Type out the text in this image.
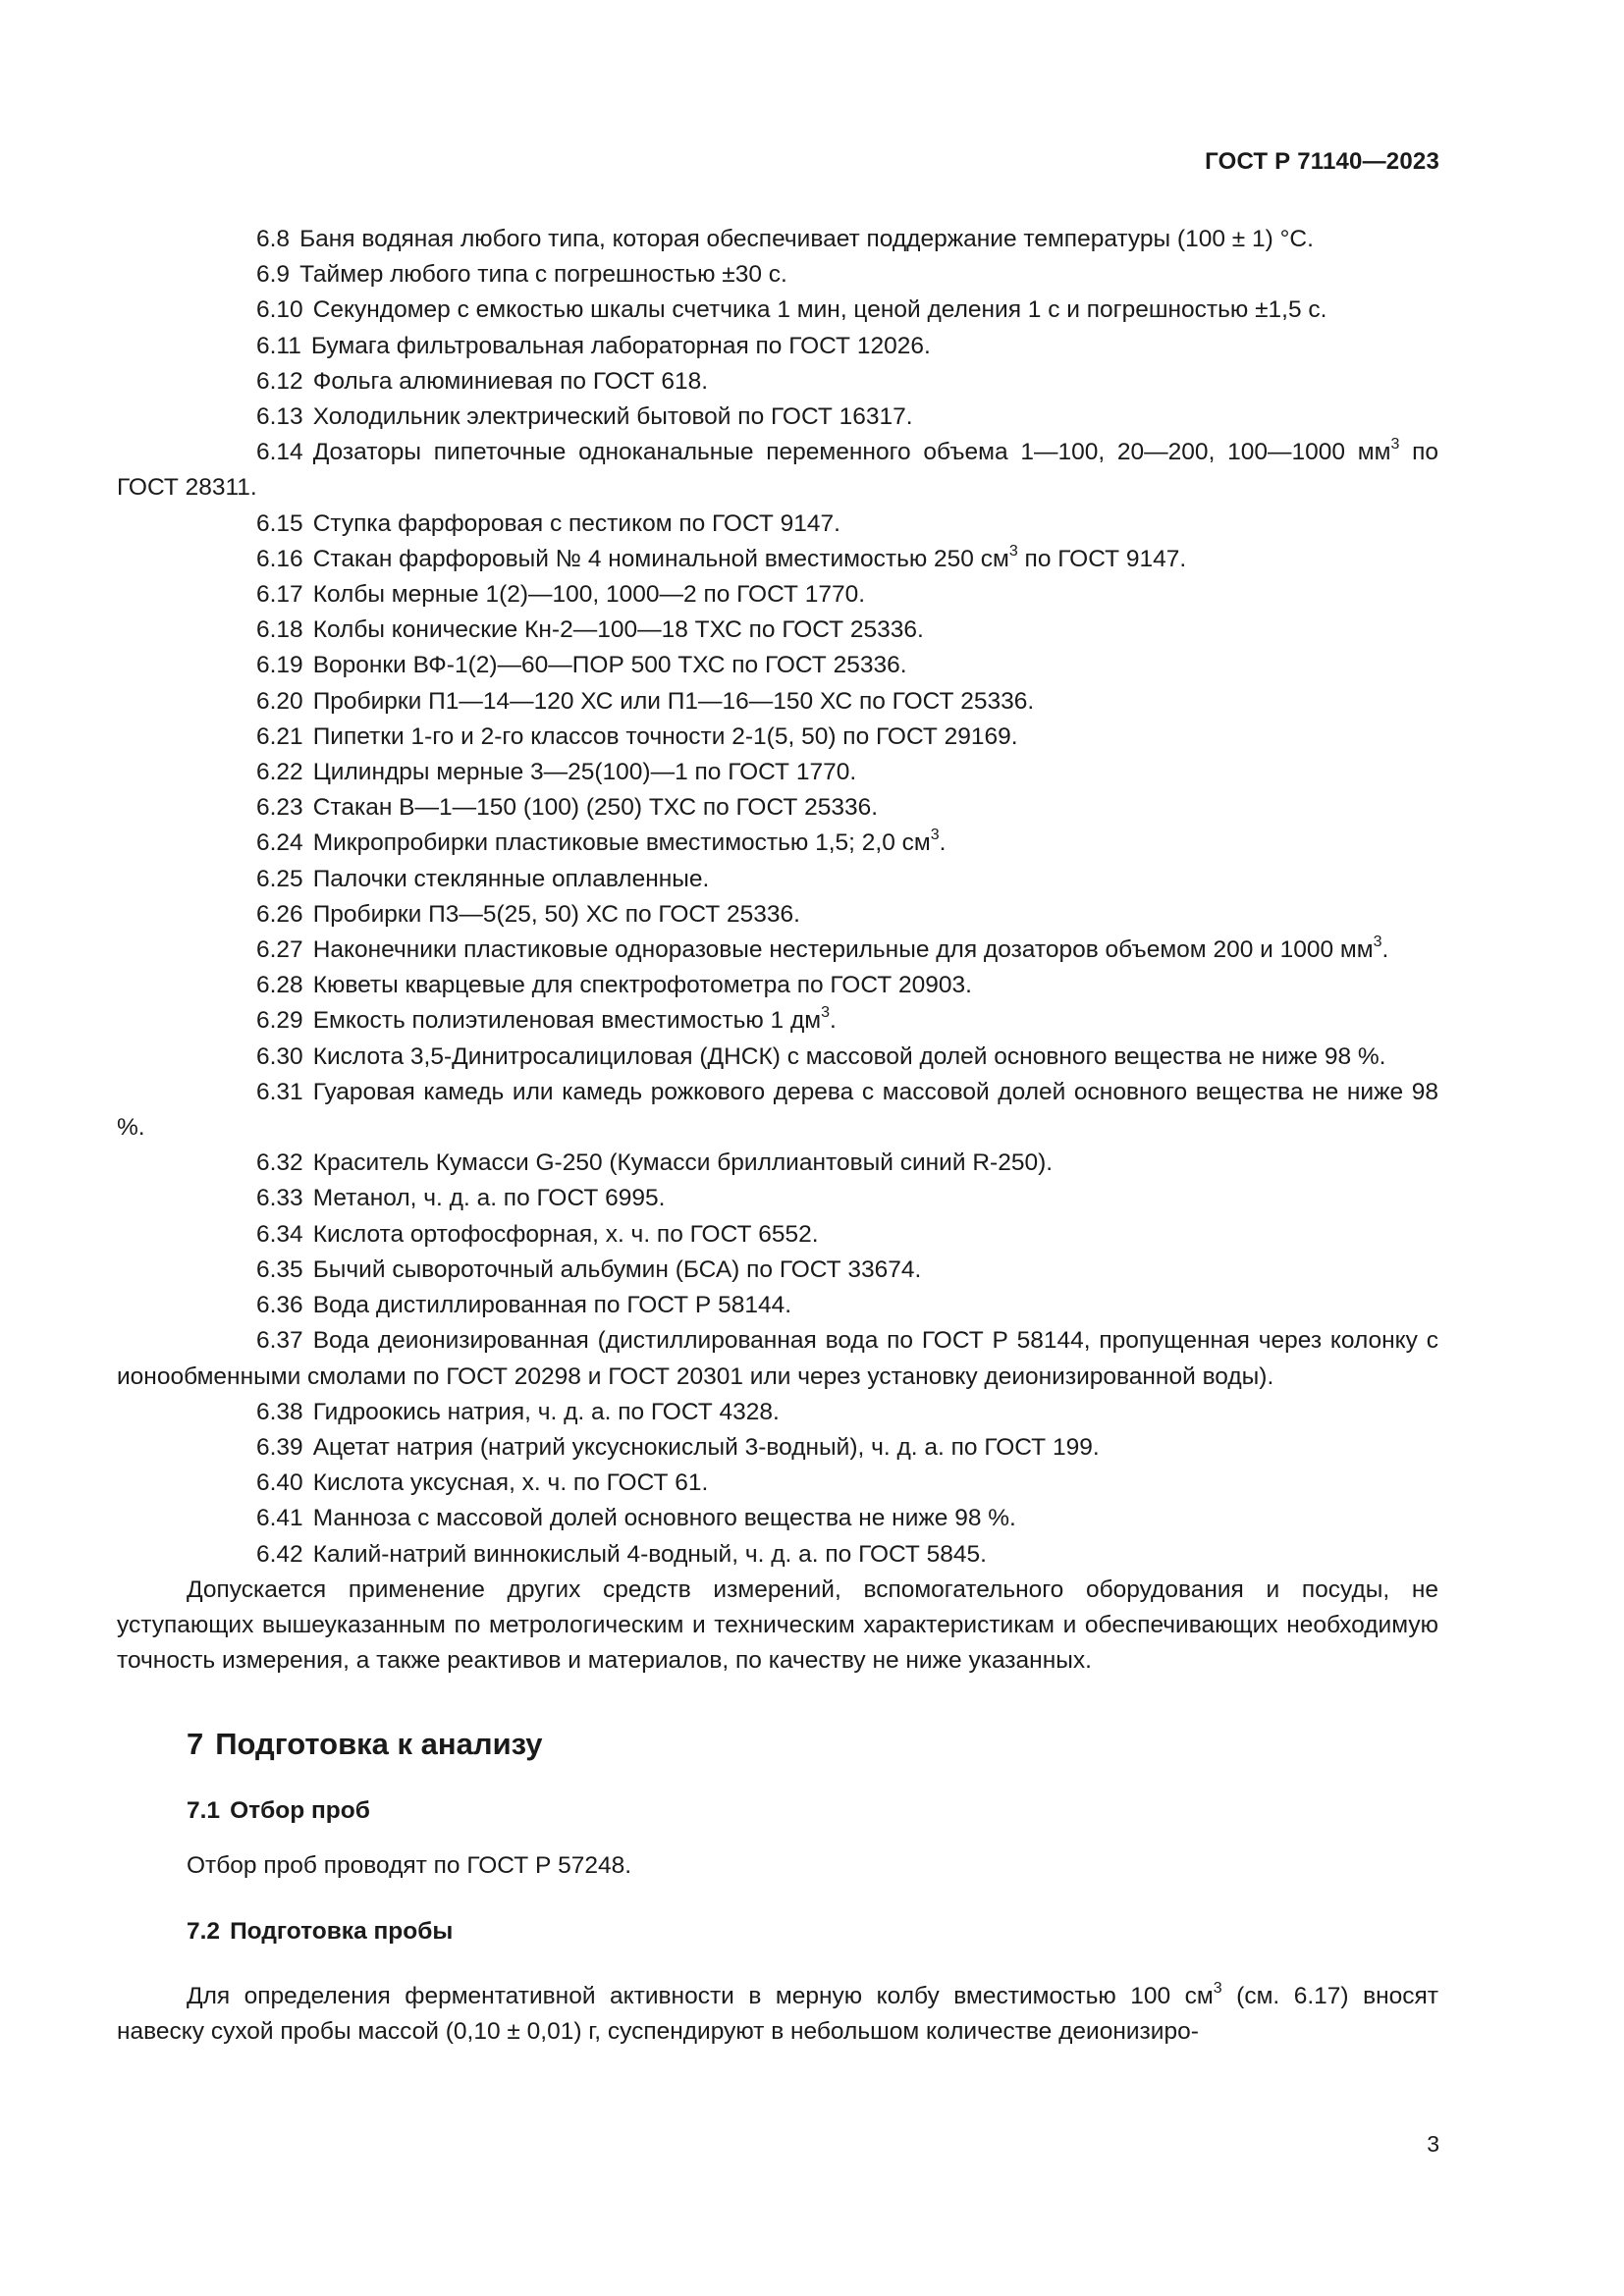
ГОСТ Р 71140—2023

6.8 Баня водяная любого типа, которая обеспечивает поддержание температуры (100 ± 1) °С.

6.9 Таймер любого типа с погрешностью ±30 с.

6.10 Секундомер с емкостью шкалы счетчика 1 мин, ценой деления 1 с и погрешностью ±1,5 с.

6.11 Бумага фильтровальная лабораторная по ГОСТ 12026.

6.12 Фольга алюминиевая по ГОСТ 618.

6.13 Холодильник электрический бытовой по ГОСТ 16317.

6.14 Дозаторы пипеточные одноканальные переменного объема 1—100, 20—200, 100—1000 $мм^3$ по ГОСТ 28311.

6.15 Ступка фарфоровая с пестиком по ГОСТ 9147.

6.16 Стакан фарфоровый № 4 номинальной вместимостью 250 $см^3$ по ГОСТ 9147.

6.17 Колбы мерные 1(2)—100, 1000—2 по ГОСТ 1770.

6.18 Колбы конические Кн-2—100—18 ТХС по ГОСТ 25336.

6.19 Воронки ВФ-1(2)—60—ПОР 500 ТХС по ГОСТ 25336.

6.20 Пробирки П1—14—120 ХС или П1—16—150 ХС по ГОСТ 25336.

6.21 Пипетки 1-го и 2-го классов точности 2-1(5, 50) по ГОСТ 29169.

6.22 Цилиндры мерные 3—25(100)—1 по ГОСТ 1770.

6.23 Стакан В—1—150 (100) (250) ТХС по ГОСТ 25336.

6.24 Микропробирки пластиковые вместимостью 1,5; 2,0 $см^3$.

6.25 Палочки стеклянные оплавленные.

6.26 Пробирки П3—5(25, 50) ХС по ГОСТ 25336.

6.27 Наконечники пластиковые одноразовые нестерильные для дозаторов объемом 200 и 1000 $мм^3$.

6.28 Кюветы кварцевые для спектрофотометра по ГОСТ 20903.

6.29 Емкость полиэтиленовая вместимостью 1 $дм^3$.

6.30 Кислота 3,5-Динитросалициловая (ДНСК) с массовой долей основного вещества не ниже 98 %.

6.31 Гуаровая камедь или камедь рожкового дерева с массовой долей основного вещества не ниже 98 %.

6.32 Краситель Кумасси G-250 (Кумасси бриллиантовый синий R-250).

6.33 Метанол, ч. д. а. по ГОСТ 6995.

6.34 Кислота ортофосфорная, х. ч. по ГОСТ 6552.

6.35 Бычий сывороточный альбумин (БСА) по ГОСТ 33674.

6.36 Вода дистиллированная по ГОСТ Р 58144.

6.37 Вода деионизированная (дистиллированная вода по ГОСТ Р 58144, пропущенная через колонку с ионообменными смолами по ГОСТ 20298 и ГОСТ 20301 или через установку деионизированной воды).

6.38 Гидроокись натрия, ч. д. а. по ГОСТ 4328.

6.39 Ацетат натрия (натрий уксуснокислый 3-водный), ч. д. а. по ГОСТ 199.

6.40 Кислота уксусная, х. ч. по ГОСТ 61.

6.41 Манноза с массовой долей основного вещества не ниже 98 %.

6.42 Калий-натрий виннокислый 4-водный, ч. д. а. по ГОСТ 5845.

Допускается применение других средств измерений, вспомогательного оборудования и посуды, не уступающих вышеуказанным по метрологическим и техническим характеристикам и обеспечивающих необходимую точность измерения, а также реактивов и материалов, по качеству не ниже указанных.

7 Подготовка к анализу
7.1 Отбор проб

Отбор проб проводят по ГОСТ Р 57248.

7.2 Подготовка пробы

Для определения ферментативной активности в мерную колбу вместимостью 100 $см^3$ (см. 6.17) вносят навеску сухой пробы массой (0,10 ± 0,01) г, суспендируют в небольшом количестве деионизиро-

3
